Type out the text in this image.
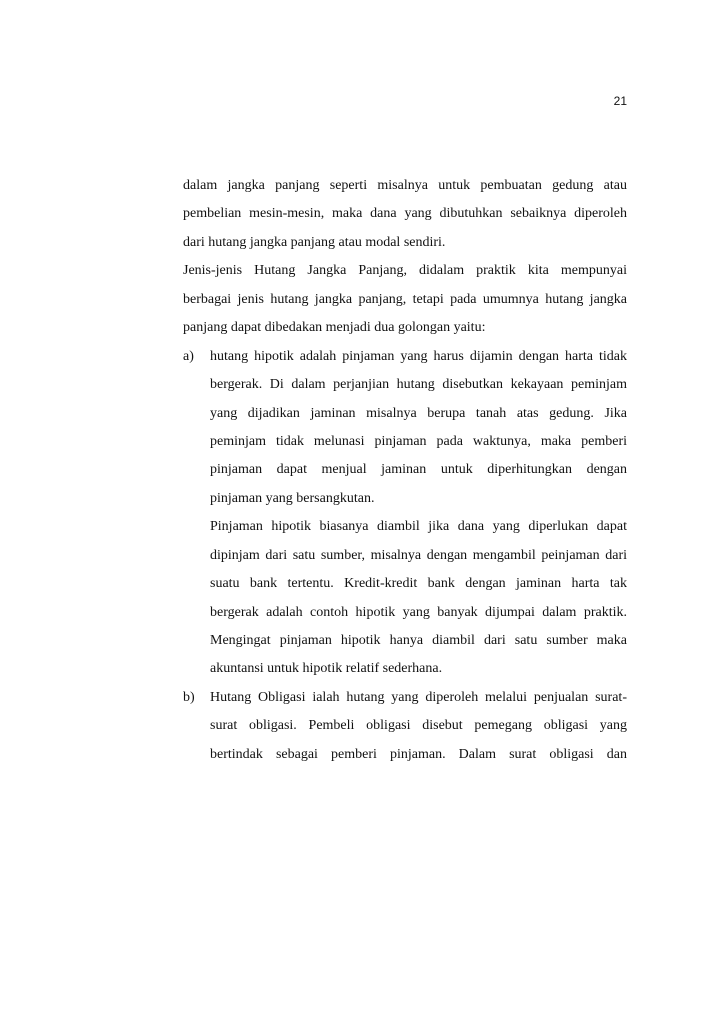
21
dalam jangka panjang seperti misalnya untuk pembuatan gedung atau
pembelian mesin-mesin, maka dana yang dibutuhkan sebaiknya diperoleh
dari hutang jangka panjang atau modal sendiri.
Jenis-jenis Hutang Jangka Panjang, didalam praktik kita mempunyai
berbagai jenis hutang jangka panjang, tetapi pada umumnya hutang jangka
panjang dapat dibedakan menjadi dua golongan yaitu:
a) hutang hipotik adalah pinjaman yang harus dijamin dengan harta tidak
bergerak. Di dalam perjanjian hutang disebutkan kekayaan peminjam
yang dijadikan jaminan misalnya berupa tanah atas gedung. Jika
peminjam tidak melunasi pinjaman pada waktunya, maka pemberi
pinjaman dapat menjual jaminan untuk diperhitungkan dengan
pinjaman yang bersangkutan.
Pinjaman hipotik biasanya diambil jika dana yang diperlukan dapat
dipinjam dari satu sumber, misalnya dengan mengambil peinjaman dari
suatu bank tertentu. Kredit-kredit bank dengan jaminan harta tak
bergerak adalah contoh hipotik yang banyak dijumpai dalam praktik.
Mengingat pinjaman hipotik hanya diambil dari satu sumber maka
akuntansi untuk hipotik relatif sederhana.
b) Hutang Obligasi ialah hutang yang diperoleh melalui penjualan surat-
surat obligasi. Pembeli obligasi disebut pemegang obligasi yang
bertindak sebagai pemberi pinjaman. Dalam surat obligasi dan
